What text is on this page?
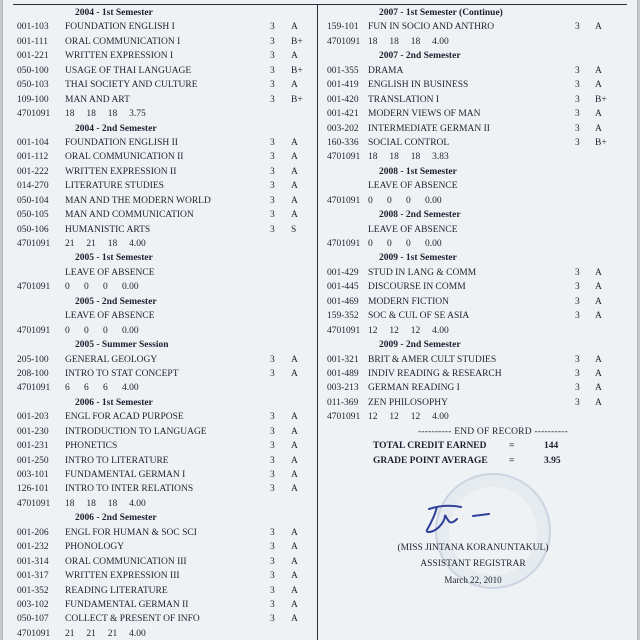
2004 - 1st Semester
001-103 FOUNDATION ENGLISH I	3 A
001-111 ORAL COMMUNICATION I	3 B+
001-221 WRITTEN EXPRESSION I	3 A
050-100 USAGE OF THAI LANGUAGE	3 B+
050-103 THAI SOCIETY AND CULTURE	3 A
109-100 MAN AND ART	3 B+
4701091 18     18     18     3.75
2004 - 2nd Semester
001-104 FOUNDATION ENGLISH II	3 A
001-112 ORAL COMMUNICATION II	3 A
001-222 WRITTEN EXPRESSION II	3 A
014-270 LITERATURE STUDIES	3 A
050-104 MAN AND THE MODERN WORLD	3 A
050-105 MAN AND COMMUNICATION	3 A
050-106 HUMANISTIC ARTS	3 S
4701091 21     21     18     4.00
2005 - 1st Semester
LEAVE OF ABSENCE
4701091 0      0      0      0.00
2005 - 2nd Semester
LEAVE OF ABSENCE
4701091 0      0      0      0.00
2005 - Summer Session
205-100 GENERAL GEOLOGY	3 A
208-100 INTRO TO STAT CONCEPT	3 A
4701091 6      6      6      4.00
2006 - 1st Semester
001-203 ENGL FOR ACAD PURPOSE	3 A
001-230 INTRODUCTION TO LANGUAGE	3 A
001-231 PHONETICS	3 A
001-250 INTRO TO LITERATURE	3 A
003-101 FUNDAMENTAL GERMAN I	3 A
126-101 INTRO TO INTER RELATIONS	3 A
4701091 18     18     18     4.00
2006 - 2nd Semester
001-206 ENGL FOR HUMAN & SOC SCI	3 A
001-232 PHONOLOGY	3 A
001-314 ORAL COMMUNICATION III	3 A
001-317 WRITTEN EXPRESSION III	3 A
001-352 READING LITERATURE	3 A
003-102 FUNDAMENTAL GERMAN II	3 A
050-107 COLLECT & PRESENT OF INFO	3 A
4701091 21     21     21     4.00
2007 - 1st Semester (Continue)
159-101 FUN IN SOCIO AND ANTHRO	3 A
4701091 18     18     18     4.00
2007 - 2nd Semester
001-355 DRAMA	3 A
001-419 ENGLISH IN BUSINESS	3 A
001-420 TRANSLATION I	3 B+
001-421 MODERN VIEWS OF MAN	3 A
003-202 INTERMEDIATE GERMAN II	3 A
160-336 SOCIAL CONTROL	3 B+
4701091 18     18     18     3.83
2008 - 1st Semester
LEAVE OF ABSENCE
4701091 0      0      0      0.00
2008 - 2nd Semester
LEAVE OF ABSENCE
4701091 0      0      0      0.00
2009 - 1st Semester
001-429 STUD IN LANG & COMM	3 A
001-445 DISCOURSE IN COMM	3 A
001-469 MODERN FICTION	3 A
159-352 SOC & CUL OF SE ASIA	3 A
4701091 12     12     12     4.00
2009 - 2nd Semester
001-321 BRIT & AMER CULT STUDIES	3 A
001-489 INDIV READING & RESEARCH	3 A
003-213 GERMAN READING I	3 A
011-369 ZEN PHILOSOPHY	3 A
4701091 12     12     12     4.00
---------- END OF RECORD ----------
TOTAL CREDIT EARNED =	144
GRADE POINT AVERAGE =	3.95
(MISS JINTANA KORANUNTAKUL)
ASSISTANT REGISTRAR
March 22, 2010
